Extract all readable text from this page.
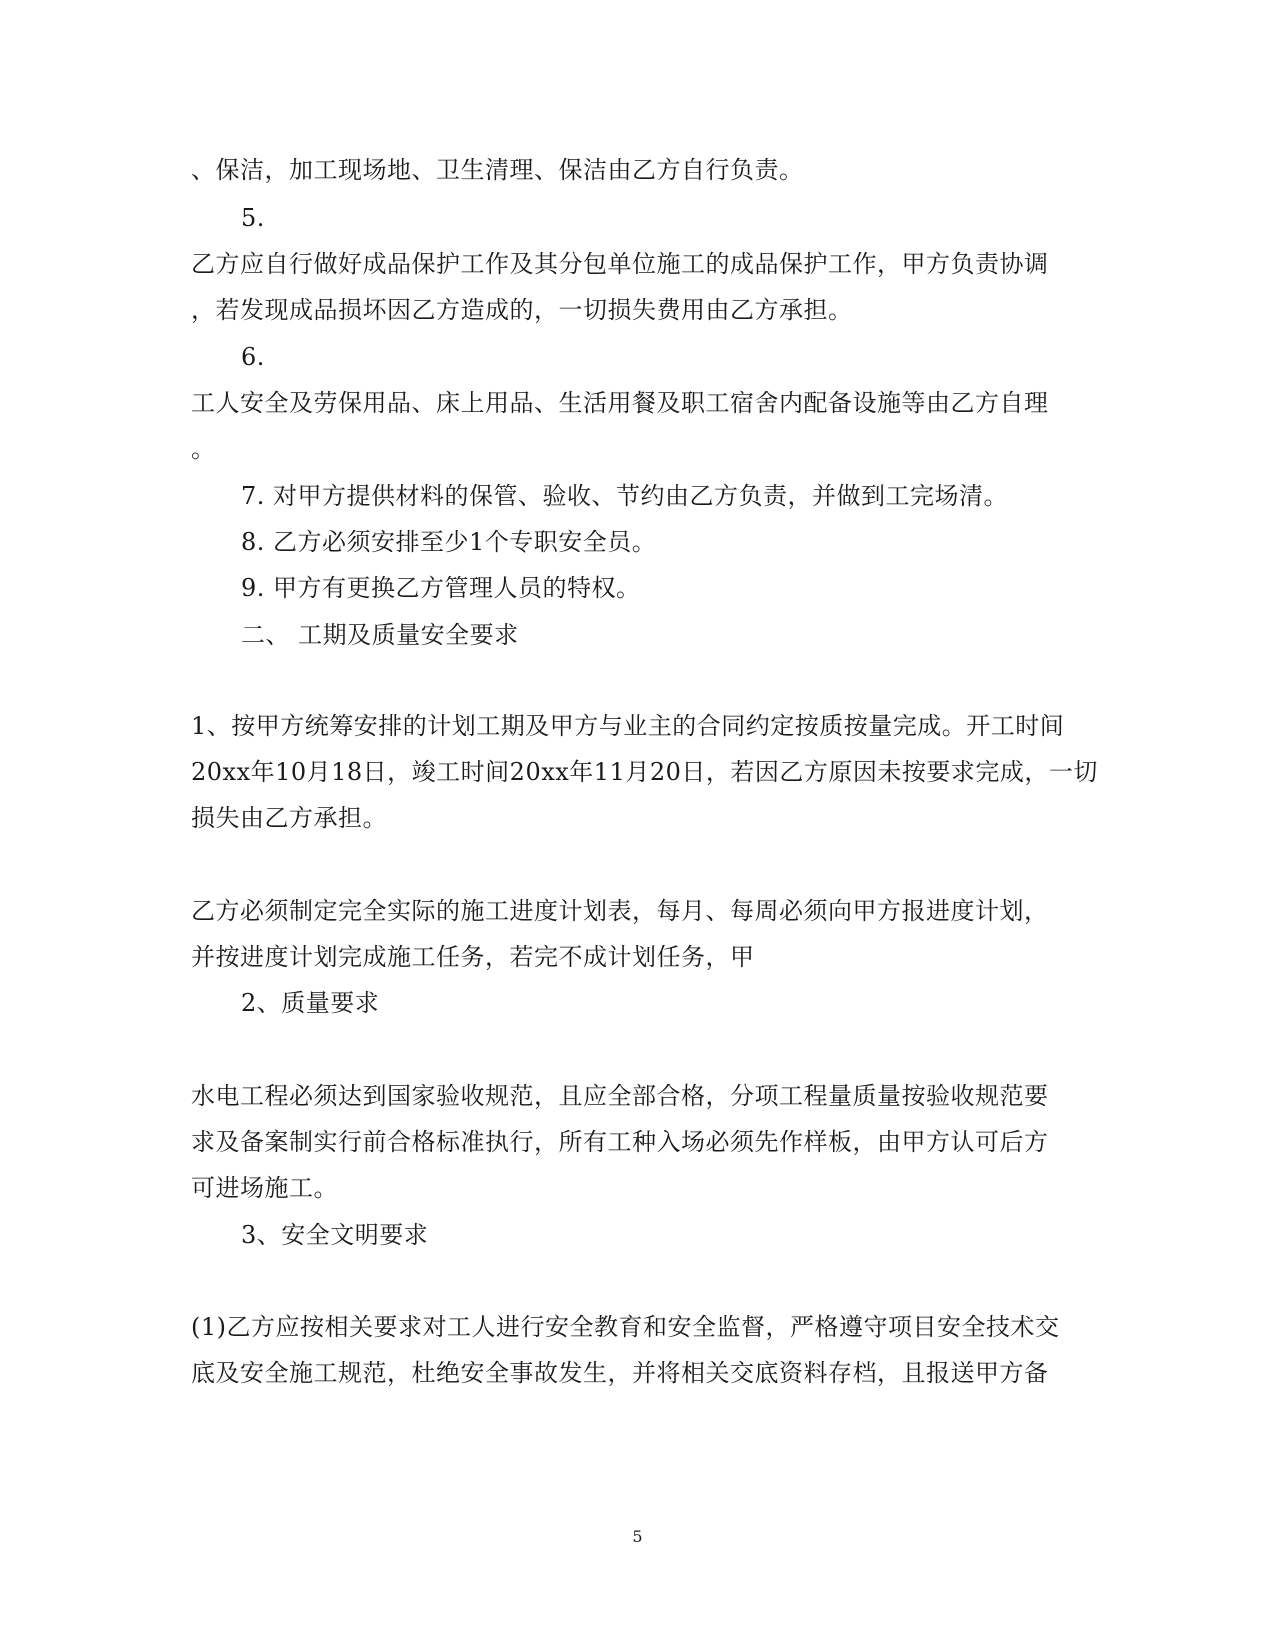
、保洁，加工现场地、卫生清理、保洁由乙方自行负责。
5.
乙方应自行做好成品保护工作及其分包单位施工的成品保护工作，甲方负责协调
，若发现成品损坏因乙方造成的，一切损失费用由乙方承担。
6.
工人安全及劳保用品、床上用品、生活用餐及职工宿舍内配备设施等由乙方自理
。
7. 对甲方提供材料的保管、验收、节约由乙方负责，并做到工完场清。
8. 乙方必须安排至少1个专职安全员。
9. 甲方有更换乙方管理人员的特权。
二、 工期及质量安全要求
1、按甲方统筹安排的计划工期及甲方与业主的合同约定按质按量完成。开工时间
20xx年10月18日，竣工时间20xx年11月20日，若因乙方原因未按要求完成，一切
损失由乙方承担。
乙方必须制定完全实际的施工进度计划表，每月、每周必须向甲方报进度计划，
并按进度计划完成施工任务，若完不成计划任务，甲
2、质量要求
水电工程必须达到国家验收规范，且应全部合格，分项工程量质量按验收规范要
求及备案制实行前合格标准执行，所有工种入场必须先作样板，由甲方认可后方
可进场施工。
3、安全文明要求
(1)乙方应按相关要求对工人进行安全教育和安全监督，严格遵守项目安全技术交
底及安全施工规范，杜绝安全事故发生，并将相关交底资料存档，且报送甲方备
5
